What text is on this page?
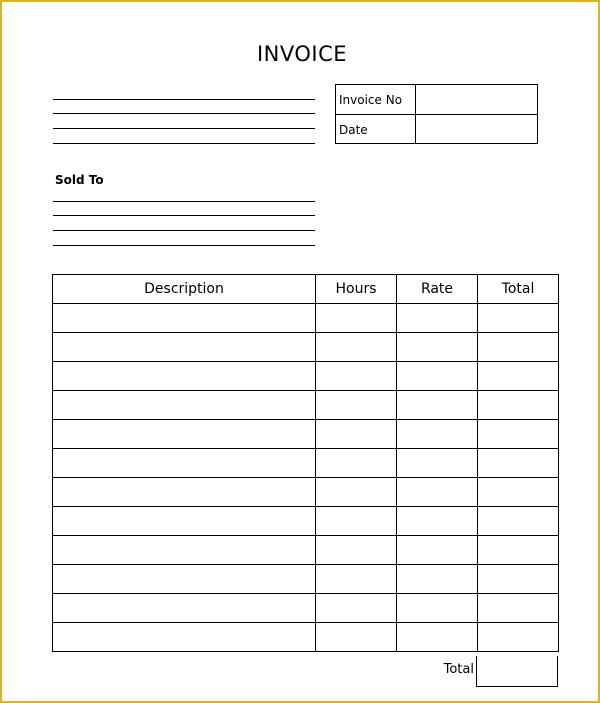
INVOICE
Invoice No
Date
Sold To
Description	Hours	Rate	Total

Total
